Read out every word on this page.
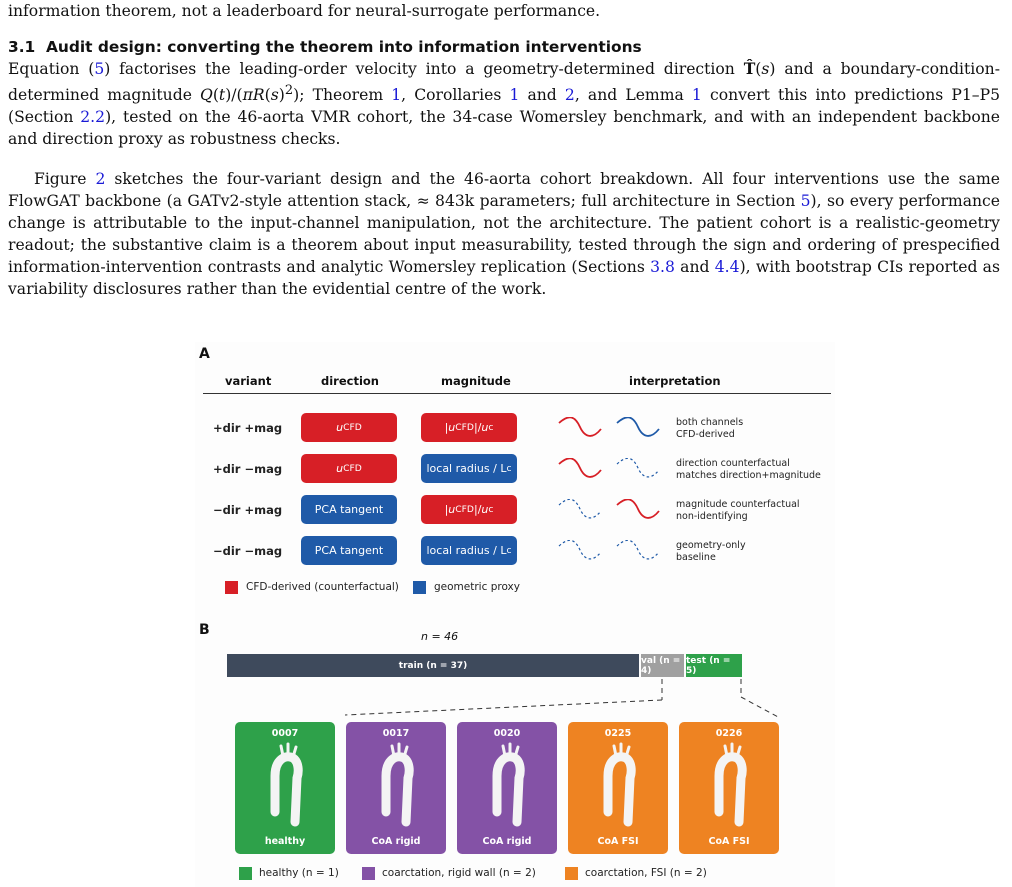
information theorem, not a leaderboard for neural-surrogate performance.
3.1 Audit design: converting the theorem into information interventions
Equation (5) factorises the leading-order velocity into a geometry-determined direction T̂(s) and a boundary-condition-determined magnitude $Q(t)/(\pi R(s)^2)$; Theorem 1, Corollaries 1 and 2, and Lemma 1 convert this into predictions P1–P5 (Section 2.2), tested on the 46-aorta VMR cohort, the 34-case Womersley benchmark, and with an independent backbone and direction proxy as robustness checks.
Figure 2 sketches the four-variant design and the 46-aorta cohort breakdown. All four interventions use the same FlowGAT backbone (a GATv2-style attention stack, ≈ 843k parameters; full architecture in Section 5), so every performance change is attributable to the input-channel manipulation, not the architecture. The patient cohort is a realistic-geometry readout; the substantive claim is a theorem about input measurability, tested through the sign and ordering of prespecified information-intervention contrasts and analytic Womersley replication (Sections 3.8 and 4.4), with bootstrap CIs reported as variability disclosures rather than the evidential centre of the work.
A
variant	direction	magnitude	interpretation
+dir +mag	u CFD	| u CFD |/ u c	both channels
CFD-derived
+dir −mag	u CFD	local radius / L c	direction counterfactual
matches direction+magnitude
−dir +mag	PCA tangent	| u CFD |/ u c	magnitude counterfactual
non-identifying
−dir −mag	PCA tangent	local radius / L c	geometry-only
baseline
CFD-derived (counterfactual)	geometric proxy
B	n = 46
train (n = 37)	val (n = 4)
test (n = 5)
0007
healthy
0017
CoA rigid
0020
CoA rigid
0225
CoA FSI
0226
CoA FSI
healthy (n = 1)	coarctation, rigid wall (n = 2)	coarctation, FSI (n = 2)
